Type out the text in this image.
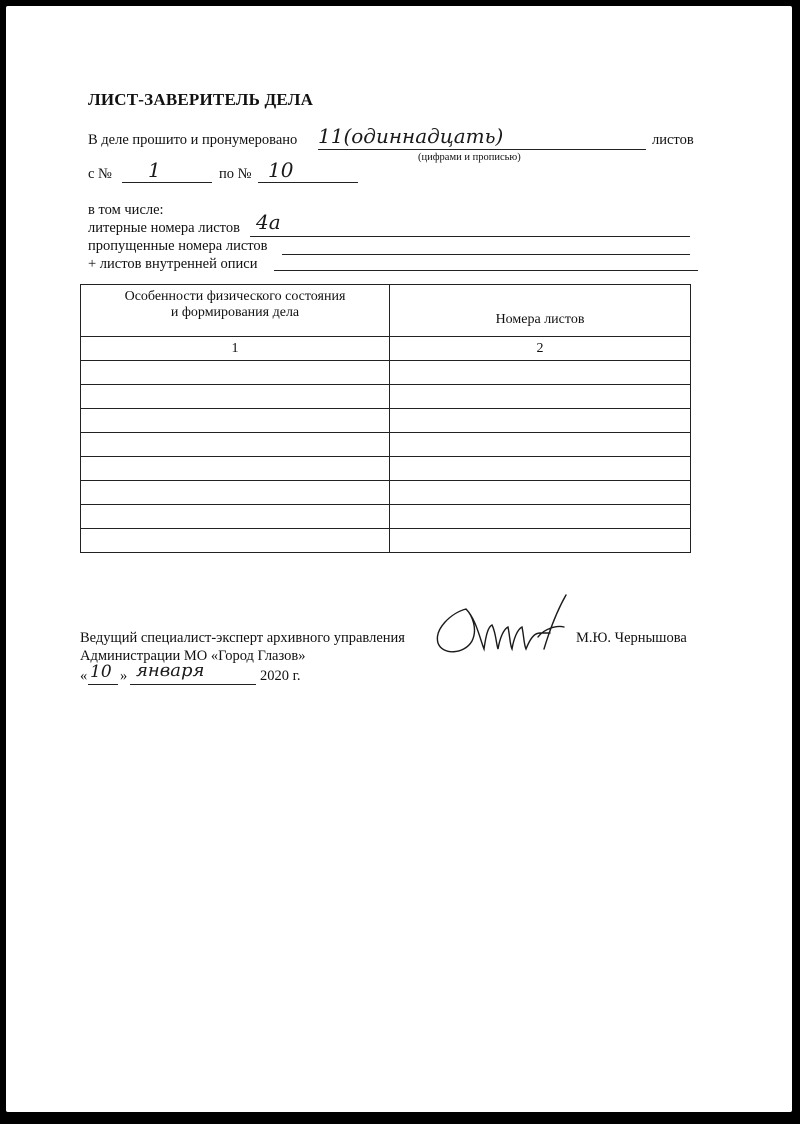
ЛИСТ-ЗАВЕРИТЕЛЬ ДЕЛА
В деле прошито и пронумеровано 11(одиннадцать)	листов
(цифрами и прописью)
с № 1	по № 10
в том числе:
литерные номера листов 4а
пропущенные номера листов
+ листов внутренней описи
Особенности физического состояния
и формирования дела	Номера листов
1	2

Ведущий специалист-эксперт архивного управления
Администрации МО «Город Глазов»
М.Ю. Чернышова
« 10 » января	2020 г.
